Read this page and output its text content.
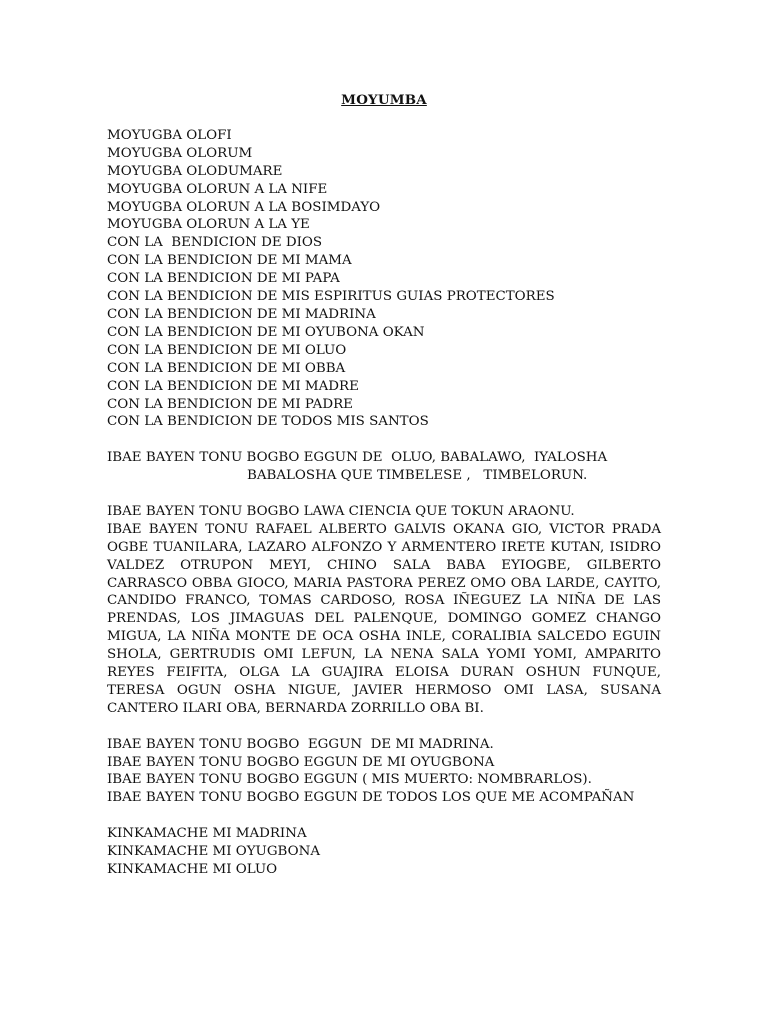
MOYUMBA
MOYUGBA OLOFI
MOYUGBA OLORUM
MOYUGBA OLODUMARE
MOYUGBA OLORUN A LA NIFE
MOYUGBA OLORUN A LA BOSIMDAYO
MOYUGBA OLORUN A LA YE
CON LA  BENDICION DE DIOS
CON LA BENDICION DE MI MAMA
CON LA BENDICION DE MI PAPA
CON LA BENDICION DE MIS ESPIRITUS GUIAS PROTECTORES
CON LA BENDICION DE MI MADRINA
CON LA BENDICION DE MI OYUBONA OKAN
CON LA BENDICION DE MI OLUO
CON LA BENDICION DE MI OBBA
CON LA BENDICION DE MI MADRE
CON LA BENDICION DE MI PADRE
CON LA BENDICION DE TODOS MIS SANTOS
IBAE BAYEN TONU BOGBO EGGUN DE  OLUO, BABALAWO,  IYALOSHA
BABALOSHA QUE TIMBELESE ,   TIMBELORUN.
IBAE BAYEN TONU BOGBO LAWA CIENCIA QUE TOKUN ARAONU.
IBAE BAYEN TONU RAFAEL ALBERTO GALVIS OKANA GIO, VICTOR PRADA OGBE TUANILARA, LAZARO ALFONZO Y ARMENTERO IRETE KUTAN, ISIDRO VALDEZ OTRUPON MEYI, CHINO SALA BABA EYIOGBE, GILBERTO CARRASCO OBBA GIOCO, MARIA PASTORA PEREZ OMO OBA LARDE, CAYITO, CANDIDO FRANCO, TOMAS CARDOSO, ROSA IÑEGUEZ LA NIÑA DE LAS PRENDAS, LOS JIMAGUAS DEL PALENQUE, DOMINGO GOMEZ CHANGO MIGUA, LA NIÑA MONTE DE OCA OSHA INLE, CORALIBIA SALCEDO EGUIN SHOLA, GERTRUDIS OMI LEFUN, LA NENA SALA YOMI YOMI, AMPARITO REYES FEIFITA, OLGA LA GUAJIRA ELOISA DURAN OSHUN FUNQUE, TERESA OGUN OSHA NIGUE, JAVIER HERMOSO OMI LASA, SUSANA CANTERO ILARI OBA, BERNARDA ZORRILLO OBA BI.
IBAE BAYEN TONU BOGBO  EGGUN  DE MI MADRINA.
IBAE BAYEN TONU BOGBO EGGUN DE MI OYUGBONA
IBAE BAYEN TONU BOGBO EGGUN ( MIS MUERTO: NOMBRARLOS).
IBAE BAYEN TONU BOGBO EGGUN DE TODOS LOS QUE ME ACOMPAÑAN
KINKAMACHE MI MADRINA
KINKAMACHE MI OYUGBONA
KINKAMACHE MI OLUO
